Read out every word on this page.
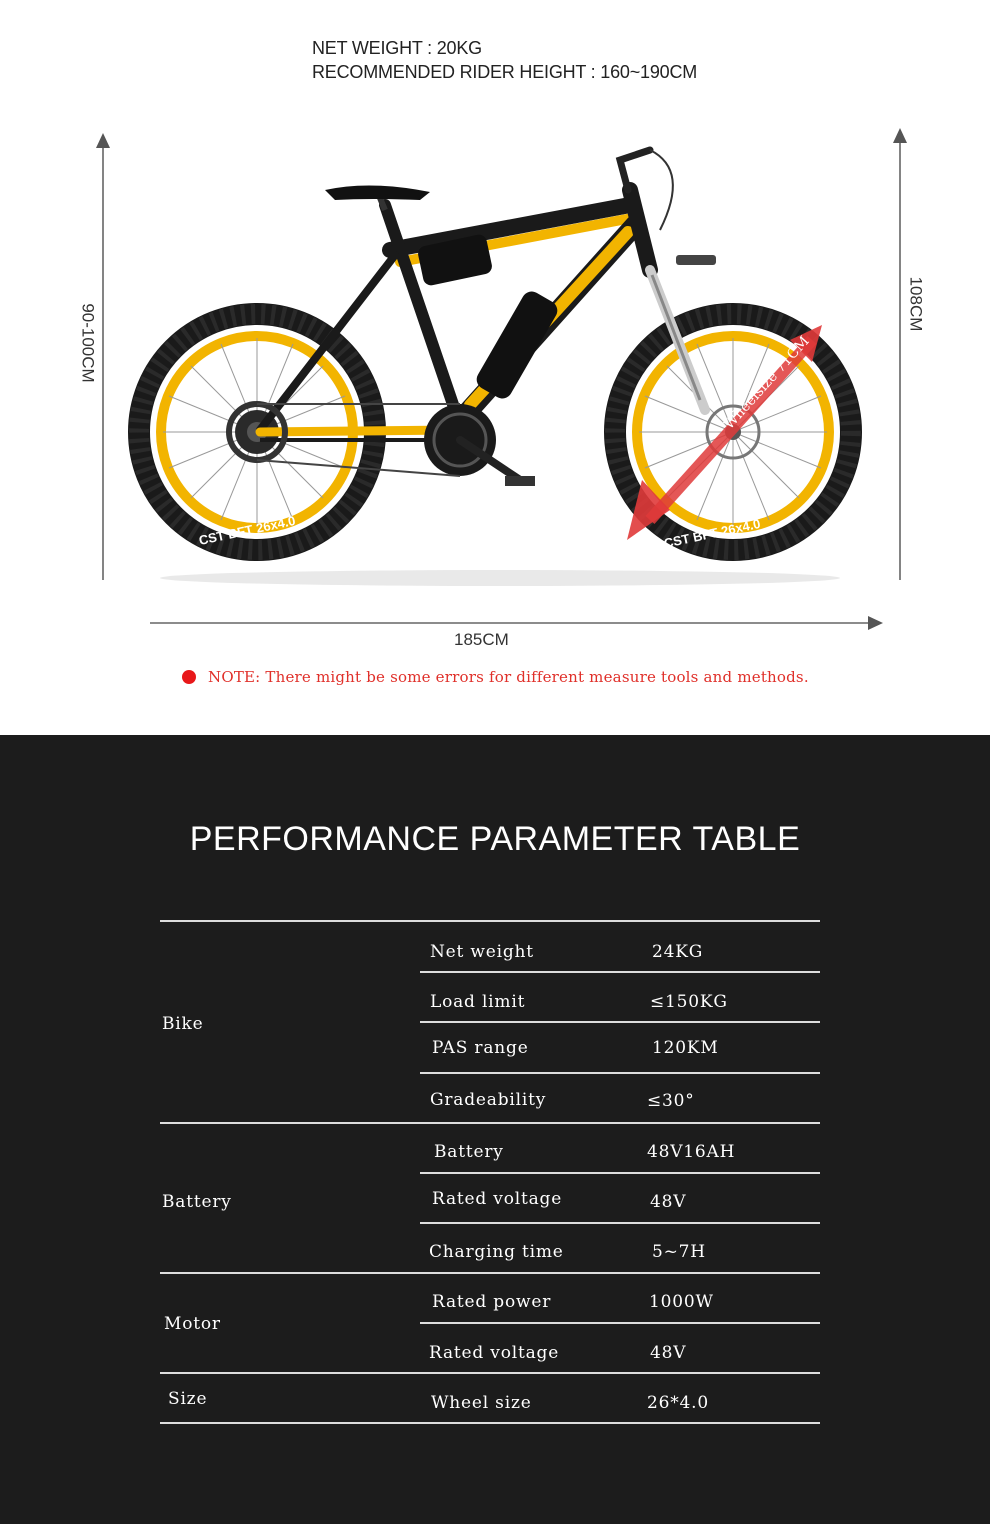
NET WEIGHT : 20KG
RECOMMENDED RIDER HEIGHT : 160~190CM
Wheelsize 71CM
CST BFT 26x4.0	CST BFT 26x4.0
90-100CM	108CM
185CM
NOTE: There might be some errors for different measure tools and methods.
PERFORMANCE PARAMETER TABLE
Bike
Net weight	24KG
Load limit	≤150KG
PAS range	120KM
Gradeability	≤30°
Battery
Battery	48V16AH
Rated voltage	48V
Charging time	5~7H
Motor
Rated power	1000W
Rated voltage	48V
Size	Wheel size	26*4.0
